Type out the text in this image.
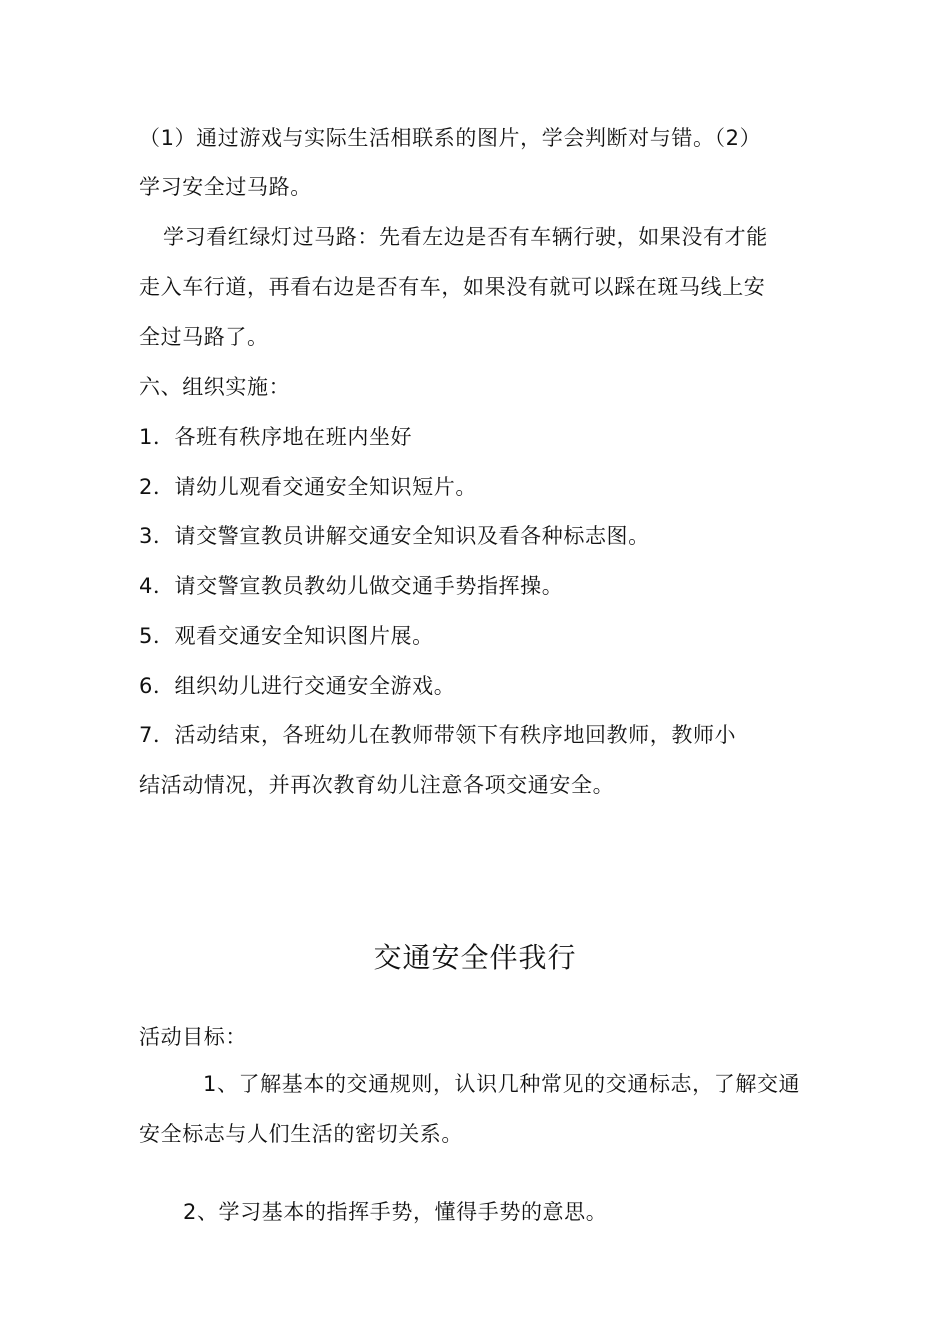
（1）通过游戏与实际生活相联系的图片，学会判断对与错。（2）
学习安全过马路。
学习看红绿灯过马路：先看左边是否有车辆行驶，如果没有才能
走入车行道，再看右边是否有车，如果没有就可以踩在斑马线上安
全过马路了。
六、组织实施：
1．各班有秩序地在班内坐好
2．请幼儿观看交通安全知识短片。
3．请交警宣教员讲解交通安全知识及看各种标志图。
4．请交警宣教员教幼儿做交通手势指挥操。
5．观看交通安全知识图片展。
6．组织幼儿进行交通安全游戏。
7．活动结束，各班幼儿在教师带领下有秩序地回教师，教师小
结活动情况，并再次教育幼儿注意各项交通安全。
交通安全伴我行
活动目标：
1、了解基本的交通规则，认识几种常见的交通标志，了解交通
安全标志与人们生活的密切关系。
2、学习基本的指挥手势，懂得手势的意思。
